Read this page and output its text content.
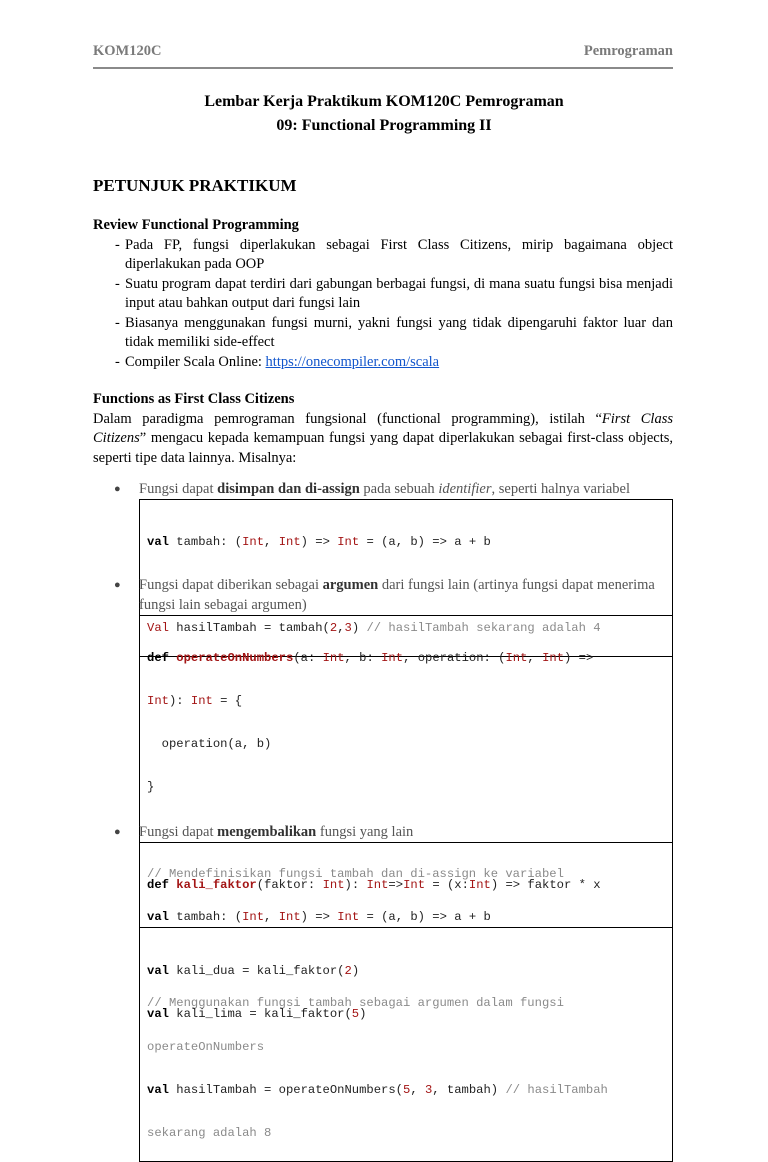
KOM120C	Pemrograman
Lembar Kerja Praktikum KOM120C Pemrograman
09: Functional Programming II
PETUNJUK PRAKTIKUM
Review Functional Programming
- Pada FP, fungsi diperlakukan sebagai First Class Citizens, mirip bagaimana object diperlakukan pada OOP
- Suatu program dapat terdiri dari gabungan berbagai fungsi, di mana suatu fungsi bisa menjadi input atau bahkan output dari fungsi lain
- Biasanya menggunakan fungsi murni, yakni fungsi yang tidak dipengaruhi faktor luar dan tidak memiliki side-effect
- Compiler Scala Online: https://onecompiler.com/scala
Functions as First Class Citizens
Dalam paradigma pemrograman fungsional (functional programming), istilah “First Class Citizens” mengacu kepada kemampuan fungsi yang dapat diperlakukan sebagai first-class objects, seperti tipe data lainnya. Misalnya:
●	Fungsi dapat disimpan dan di-assign pada sebuah identifier, seperti halnya variabel

val tambah: (Int, Int) => Int = (a, b) => a + b

Val hasilTambah = tambah(2,3) // hasilTambah sekarang adalah 4

●	Fungsi dapat diberikan sebagai argumen dari fungsi lain (artinya fungsi dapat menerima fungsi lain sebagai argumen)

def operateOnNumbers(a: Int, b: Int, operation: (Int, Int) =>

Int): Int = {

operation(a, b)

}

// Mendefinisikan fungsi tambah dan di-assign ke variabel

val tambah: (Int, Int) => Int = (a, b) => a + b

// Menggunakan fungsi tambah sebagai argumen dalam fungsi

operateOnNumbers

val hasilTambah = operateOnNumbers(5, 3, tambah) // hasilTambah

sekarang adalah 8

●	Fungsi dapat mengembalikan fungsi yang lain

def kali_faktor(faktor: Int): Int=>Int = (x:Int) => faktor * x

val kali_dua = kali_faktor(2)

val kali_lima = kali_faktor(5)
